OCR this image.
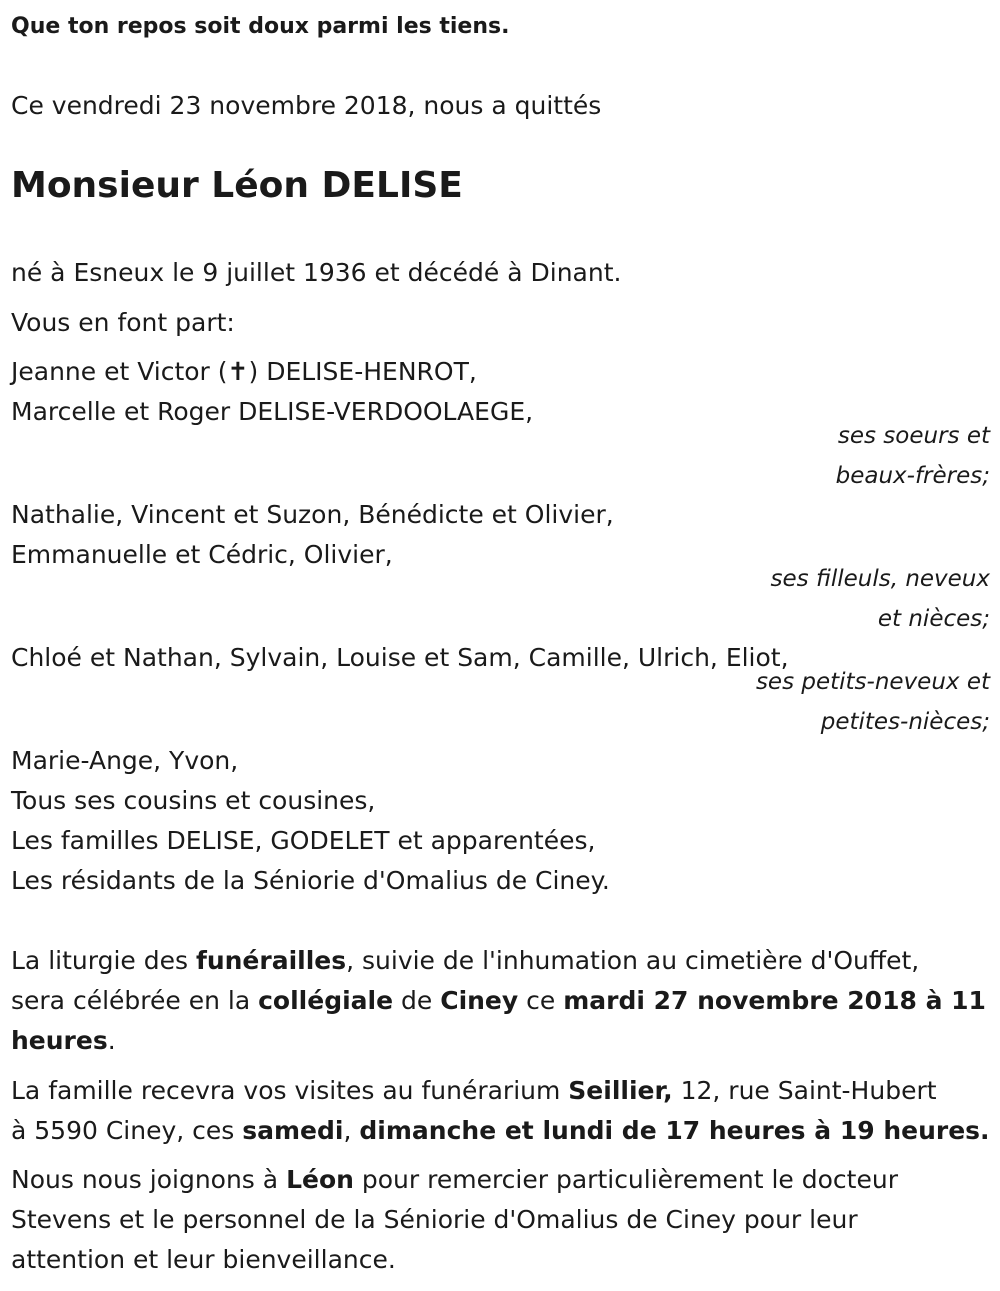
Que ton repos soit doux parmi les tiens.
Ce vendredi 23 novembre 2018, nous a quittés
Monsieur Léon DELISE
né à Esneux le 9 juillet 1936 et décédé à Dinant.
Vous en font part:
Jeanne et Victor (✝) DELISE-HENROT,
Marcelle et Roger DELISE-VERDOOLAEGE,
ses soeurs et
beaux-frères;
Nathalie, Vincent et Suzon, Bénédicte et Olivier,
Emmanuelle et Cédric, Olivier,
ses filleuls, neveux
et nièces;
Chloé et Nathan, Sylvain, Louise et Sam, Camille, Ulrich, Eliot,
ses petits-neveux et
petites-nièces;
Marie-Ange, Yvon,
Tous ses cousins et cousines,
Les familles DELISE, GODELET et apparentées,
Les résidants de la Séniorie d'Omalius de Ciney.
La liturgie des funérailles, suivie de l'inhumation au cimetière d'Ouffet,
sera célébrée en la collégiale de Ciney ce mardi 27 novembre 2018 à 11
heures.
La famille recevra vos visites au funérarium Seillier, 12, rue Saint-Hubert
à 5590 Ciney, ces samedi, dimanche et lundi de 17 heures à 19 heures.
Nous nous joignons à Léon pour remercier particulièrement le docteur
Stevens et le personnel de la Séniorie d'Omalius de Ciney pour leur
attention et leur bienveillance.
